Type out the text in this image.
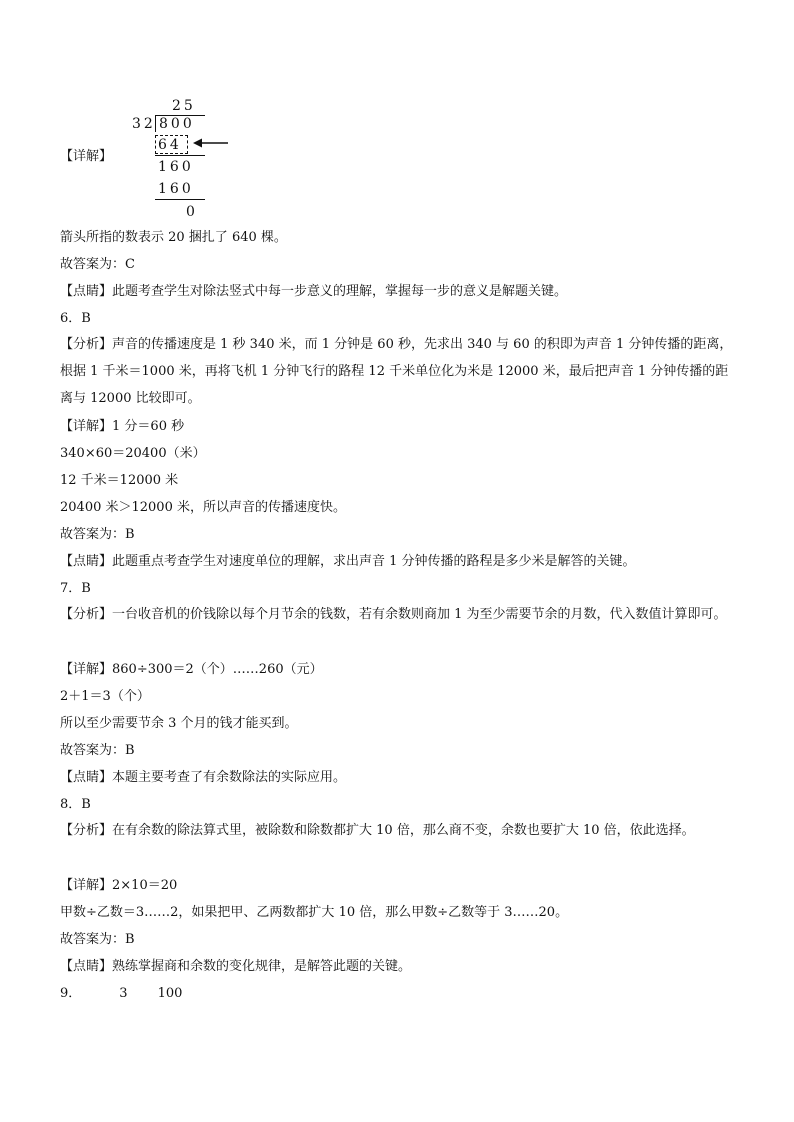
25
32 800
64
160
160
0
【详解】
箭头所指的数表示 20 捆扎了 640 棵。
故答案为：C
【点睛】此题考查学生对除法竖式中每一步意义的理解，掌握每一步的意义是解题关键。
6．B
【分析】声音的传播速度是 1 秒 340 米，而 1 分钟是 60 秒，先求出 340 与 60 的积即为声音 1 分钟传播的距离，根据 1 千米＝1000 米，再将飞机 1 分钟飞行的路程 12 千米单位化为米是 12000 米，最后把声音 1 分钟传播的距离与 12000 比较即可。
【详解】1 分＝60 秒
340×60＝20400（米）
12 千米＝12000 米
20400 米＞12000 米，所以声音的传播速度快。
故答案为：B
【点睛】此题重点考查学生对速度单位的理解，求出声音 1 分钟传播的路程是多少米是解答的关键。
7．B
【分析】一台收音机的价钱除以每个月节余的钱数，若有余数则商加 1 为至少需要节余的月数，代入数值计算即可。
【详解】860÷300＝2（个）……260（元）
2＋1＝3（个）
所以至少需要节余 3 个月的钱才能买到。
故答案为：B
【点睛】本题主要考查了有余数除法的实际应用。
8．B
【分析】在有余数的除法算式里，被除数和除数都扩大 10 倍，那么商不变，余数也要扩大 10 倍，依此选择。
【详解】2×10＝20
甲数÷乙数＝3……2，如果把甲、乙两数都扩大 10 倍，那么甲数÷乙数等于 3……20。
故答案为：B
【点睛】熟练掌握商和余数的变化规律，是解答此题的关键。
9．	3 100
